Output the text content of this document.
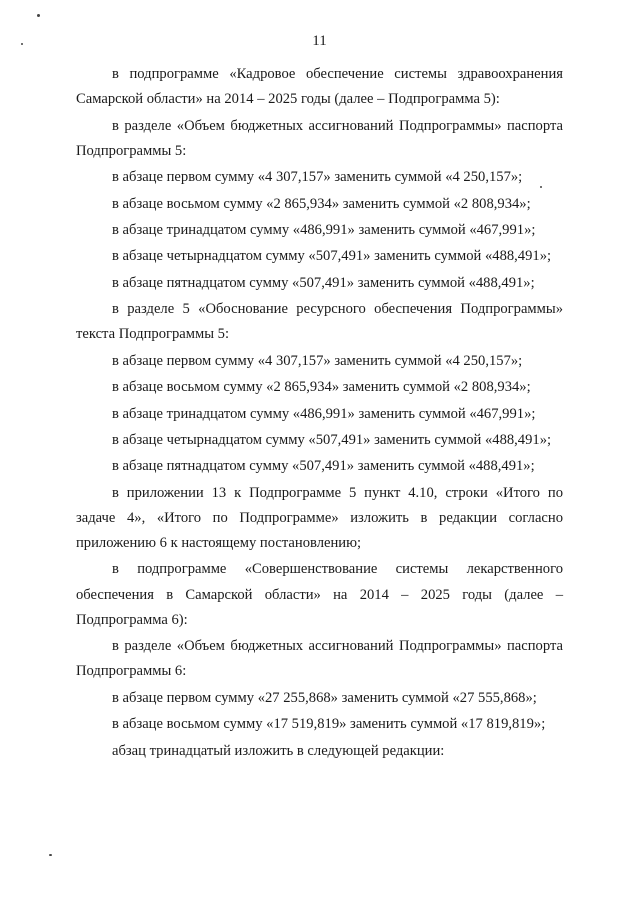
11

в подпрограмме «Кадровое обеспечение системы здравоохранения Самарской области» на 2014 – 2025 годы (далее – Подпрограмма 5):

в разделе «Объем бюджетных ассигнований Подпрограммы» паспорта Подпрограммы 5:

в абзаце первом сумму «4 307,157» заменить суммой «4 250,157»;

в абзаце восьмом сумму «2 865,934» заменить суммой «2 808,934»;

в абзаце тринадцатом сумму «486,991» заменить суммой «467,991»;

в абзаце четырнадцатом сумму «507,491» заменить суммой «488,491»;

в абзаце пятнадцатом сумму «507,491» заменить суммой «488,491»;

в разделе 5 «Обоснование ресурсного обеспечения Подпрограммы» текста Подпрограммы 5:

в абзаце первом сумму «4 307,157» заменить суммой «4 250,157»;

в абзаце восьмом сумму «2 865,934» заменить суммой «2 808,934»;

в абзаце тринадцатом сумму «486,991» заменить суммой «467,991»;

в абзаце четырнадцатом сумму «507,491» заменить суммой «488,491»;

в абзаце пятнадцатом сумму «507,491» заменить суммой «488,491»;

в приложении 13 к Подпрограмме 5 пункт 4.10, строки «Итого по задаче 4», «Итого по Подпрограмме» изложить в редакции согласно приложению 6 к настоящему постановлению;

в подпрограмме «Совершенствование системы лекарственного обеспечения в Самарской области» на 2014 – 2025 годы (далее – Подпрограмма 6):

в разделе «Объем бюджетных ассигнований Подпрограммы» паспорта Подпрограммы 6:

в абзаце первом сумму «27 255,868» заменить суммой «27 555,868»;

в абзаце восьмом сумму «17 519,819» заменить суммой «17 819,819»;

абзац тринадцатый изложить в следующей редакции:
